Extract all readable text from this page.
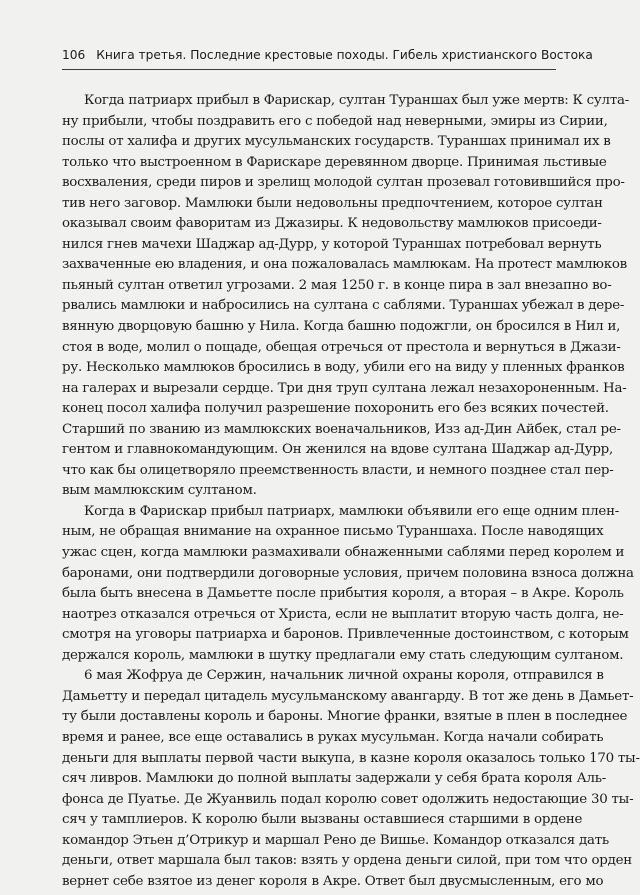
106 Книга третья. Последние крестовые походы. Гибель христианского Востока
Когда патриарх прибыл в Фарискар, султан Туранш​ах был уже мертв: К султа-
ну прибыли, чтобы поздравить его с победой над неверными, эмиры из Сирии,
послы от халифа и других мусульманских государств. Туранш​ах принимал их в
только что выстроенном в Фарискаре деревянном дворце. Принимая льстивые
восхваления, среди пиров и зрелищ молодой султан прозевал готовившийся про-
тив него заговор. Мамлюки были недовольны предпочтением, которое султан
оказывал своим фаворитам из Джазиры. К недовольству мамлюков присоеди-
нился гнев мачехи Шаджар ад-Дурр, у которой Туранш​ах потребовал вернуть
захваченные ею владения, и она пожаловалась мамлюкам. На протест мамлюков
пьяный султан ответил угрозами. 2 мая 1250 г. в конце пира в зал внезапно во-
рвались мамлюки и набросились на султана с саблями. Туранш​ах убежал в дере-
вянную дворцовую башню у Нила. Когда башню подожгли, он бросился в Нил и,
стоя в воде, молил о пощаде, обещая отречься от престола и вернуться в Джази-
ру. Несколько мамлюков бросились в воду, убили его на виду у пленных франков
на галерах и вырезали сердце. Три дня труп султана лежал незахороненным. На-
конец посол халифа получил разрешение похоронить его без всяких почестей.
Старший по званию из мамлюкских военачальников, Изз ад-Дин Айбек, стал ре-
гентом и главнокомандующим. Он женился на вдове султана Шаджар ад-Дурр,
что как бы олицетворяло преемственность власти, и немного позднее стал пер-
вым мамлюкским султаном.
Когда в Фарискар прибыл патриарх, мамлюки объявили его еще одним плен-
ным, не обращая внимание на охранное письмо Туранш​аха. После наводящих
ужас сцен, когда мамлюки размахивали обнаженными саблями перед королем и
баронами, они подтвердили договорные условия, причем половина взноса должна
была быть внесена в Дамьетте после прибытия короля, а вторая – в Акре. Король
наотрез отказался отречься от Христа, если не выплатит вторую часть долга, не-
смотря на уговоры патриарха и баронов. Привлеченные достоинством, с которым
держался король, мамлюки в шутку предлагали ему стать следующим султаном.
6 мая Жофруа де Сержин, начальник личной охраны короля, отправился в
Дамьетту и передал цитадель мусульманскому авангарду. В тот же день в Дамьет-
ту были доставлены король и бароны. Многие франки, взятые в плен в последнее
время и ранее, все еще оставались в руках мусульман. Когда начали собирать
деньги для выплаты первой части выкупа, в казне короля оказалось только 170 ты-
сяч ливров. Мамлюки до полной выплаты задержали у себя брата короля Аль-
фонса де Пуатье. Де Жуанвиль подал королю совет одолжить недостающие 30 ты-
сяч у тамплиеров. К королю были вызваны оставшиеся старшими в ордене
командор Этьен д’Отрикур и маршал Рено де Вишье. Командор отказался дать
деньги, ответ маршала был таков: взять у ордена деньги силой, при том что орден
вернет себе взятое из денег короля в Акре. Ответ был двусмысленным, его мо
